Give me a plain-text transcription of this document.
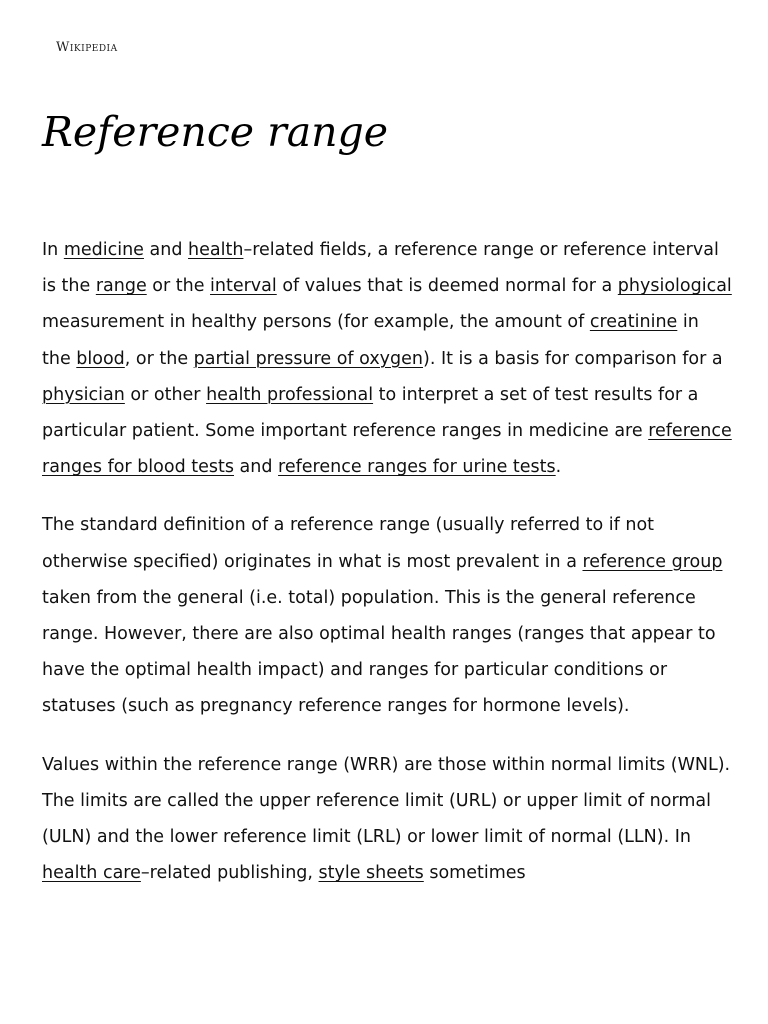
Wikipedia
Reference range

In medicine and health–related fields, a reference range or reference interval is the range or the interval of values that is deemed normal for a physiological measurement in healthy persons (for example, the amount of creatinine in the blood, or the partial pressure of oxygen). It is a basis for comparison for a physician or other health professional to interpret a set of test results for a particular patient. Some important reference ranges in medicine are reference ranges for blood tests and reference ranges for urine tests.

The standard definition of a reference range (usually referred to if not otherwise specified) originates in what is most prevalent in a reference group taken from the general (i.e. total) population. This is the general reference range. However, there are also optimal health ranges (ranges that appear to have the optimal health impact) and ranges for particular conditions or statuses (such as pregnancy reference ranges for hormone levels).

Values within the reference range (WRR) are those within normal limits (WNL). The limits are called the upper reference limit (URL) or upper limit of normal (ULN) and the lower reference limit (LRL) or lower limit of normal (LLN). In health care–related publishing, style sheets sometimes
